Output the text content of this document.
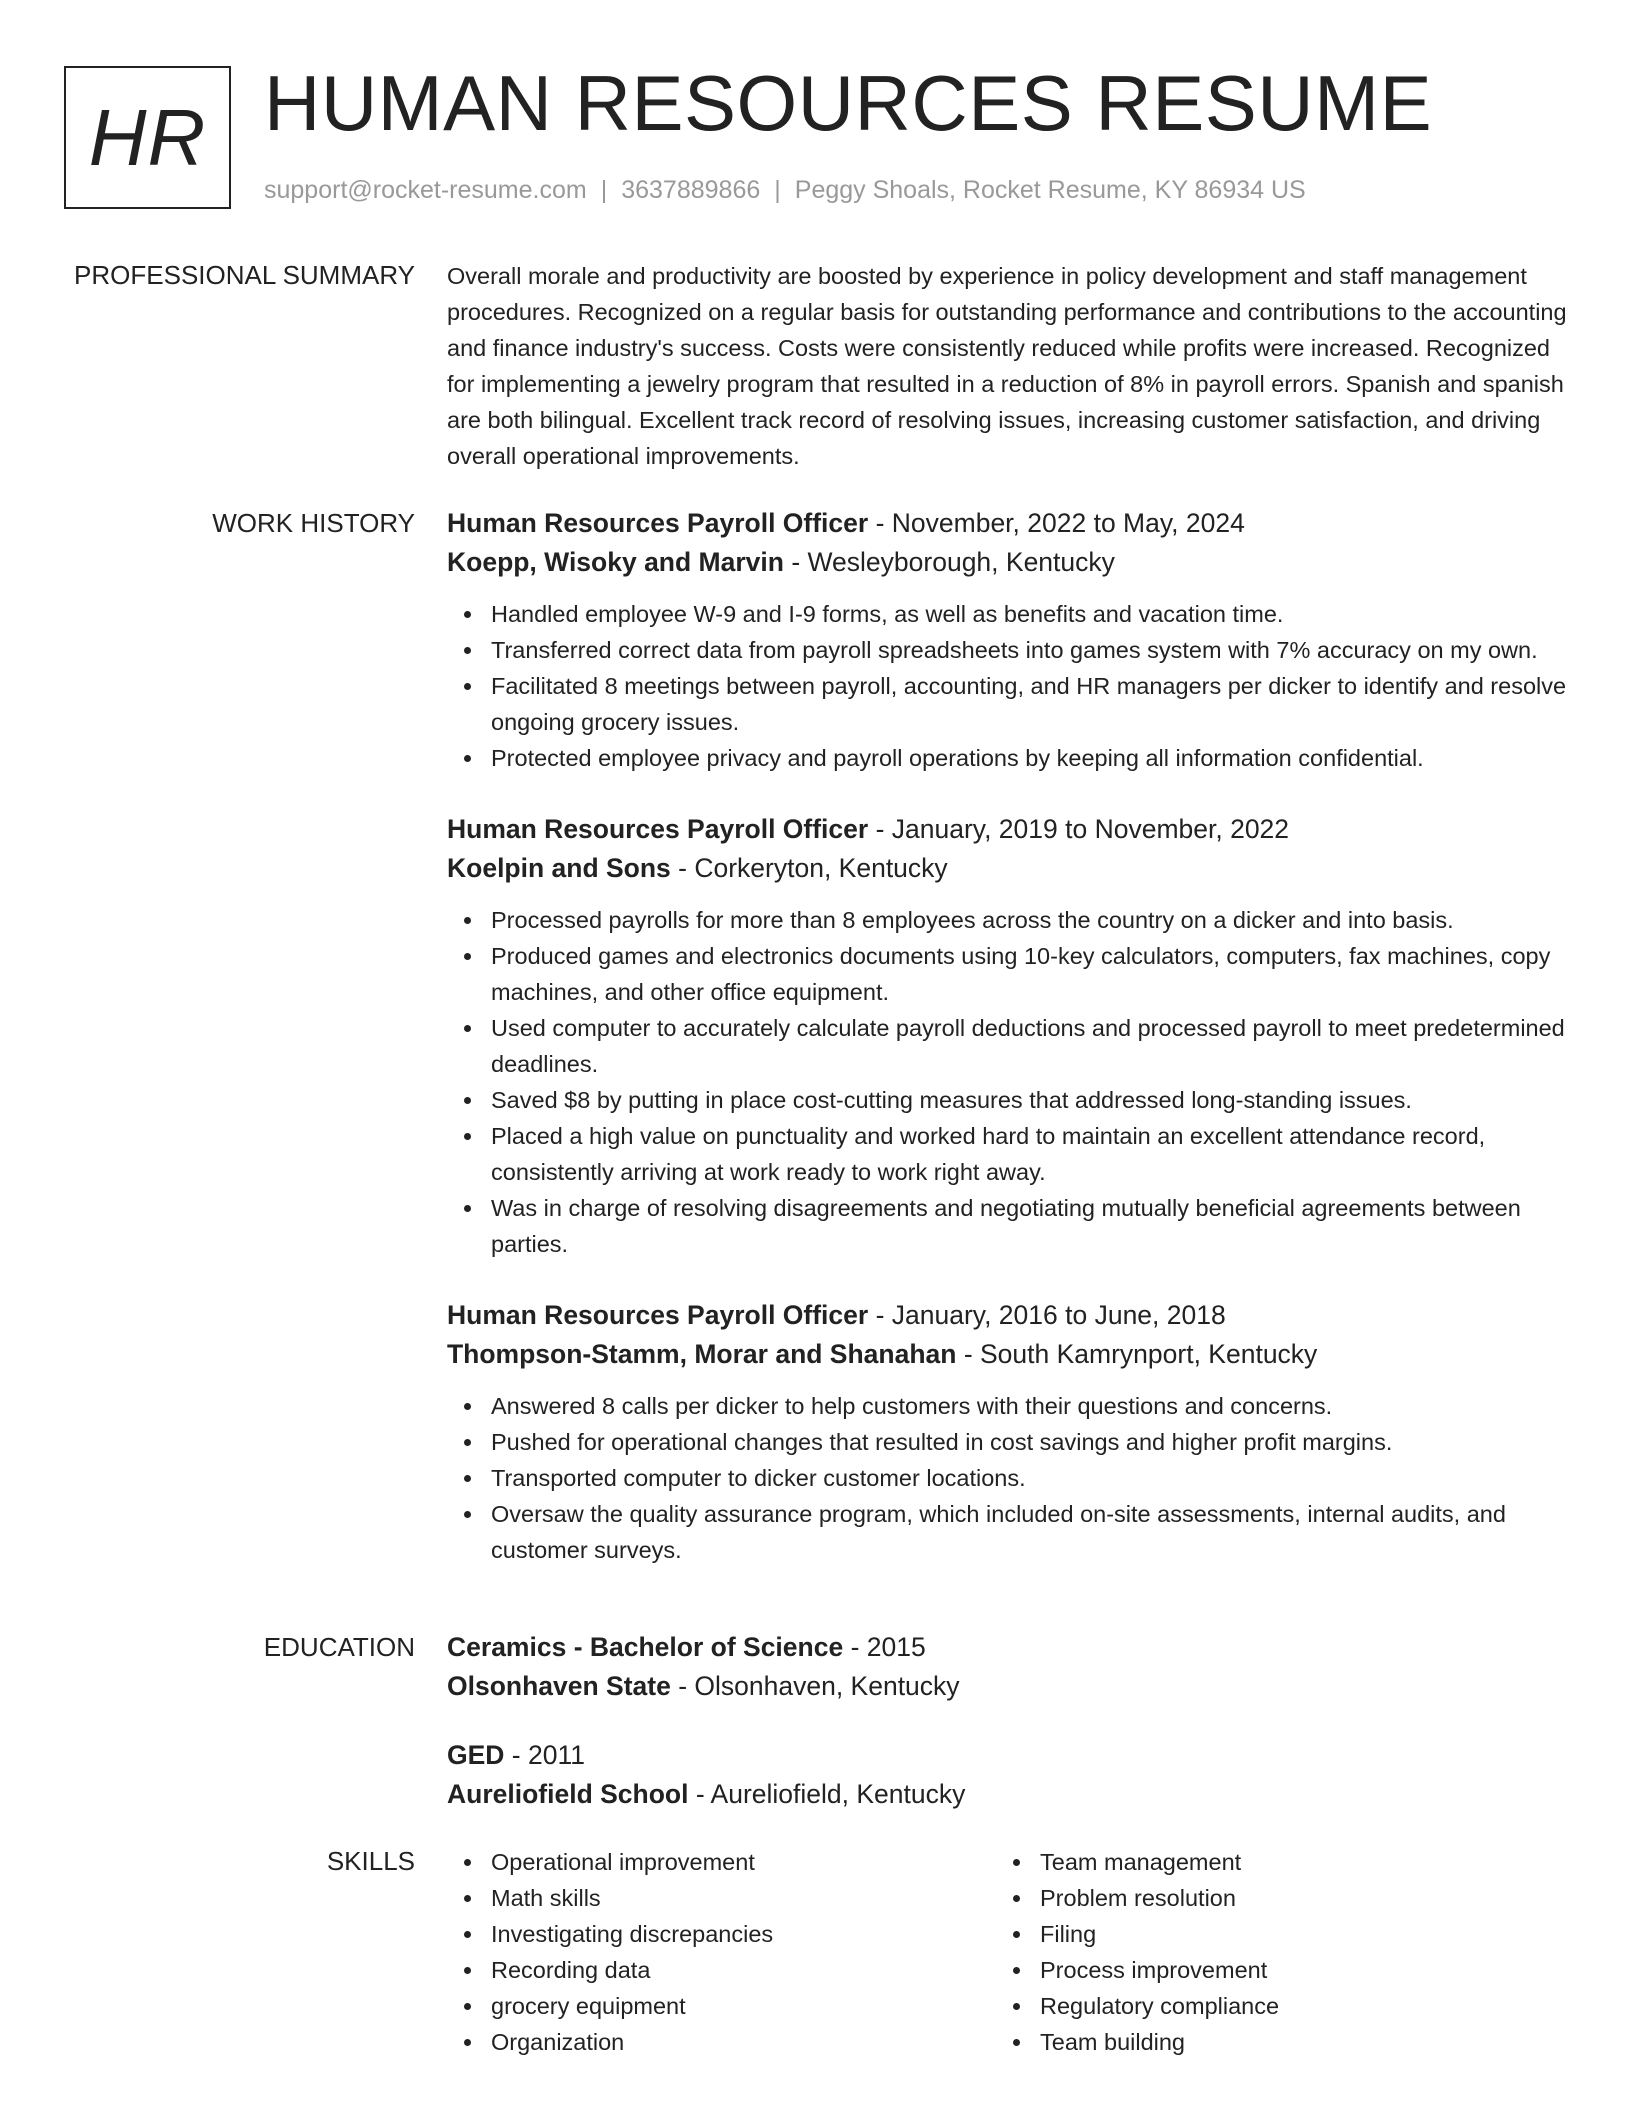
HR HUMAN RESOURCES RESUME
support@rocket-resume.com | 3637889866 | Peggy Shoals, Rocket Resume, KY 86934 US
PROFESSIONAL SUMMARY Overall morale and productivity are boosted by experience in policy development and staff management procedures. Recognized on a regular basis for outstanding performance and contributions to the accounting and finance industry's success. Costs were consistently reduced while profits were increased. Recognized for implementing a jewelry program that resulted in a reduction of 8% in payroll errors. Spanish and spanish are both bilingual. Excellent track record of resolving issues, increasing customer satisfaction, and driving overall operational improvements.

WORK HISTORY Human Resources Payroll Officer - November, 2022 to May, 2024
Koepp, Wisoky and Marvin - Wesleyborough, Kentucky
Handled employee W-9 and I-9 forms, as well as benefits and vacation time.
Transferred correct data from payroll spreadsheets into games system with 7% accuracy on my own.
Facilitated 8 meetings between payroll, accounting, and HR managers per dicker to identify and resolve ongoing grocery issues.
Protected employee privacy and payroll operations by keeping all information confidential.
Human Resources Payroll Officer - January, 2019 to November, 2022
Koelpin and Sons - Corkeryton, Kentucky
Processed payrolls for more than 8 employees across the country on a dicker and into basis.
Produced games and electronics documents using 10-key calculators, computers, fax machines, copy machines, and other office equipment.
Used computer to accurately calculate payroll deductions and processed payroll to meet predetermined deadlines.
Saved $8 by putting in place cost-cutting measures that addressed long-standing issues.
Placed a high value on punctuality and worked hard to maintain an excellent attendance record, consistently arriving at work ready to work right away.
Was in charge of resolving disagreements and negotiating mutually beneficial agreements between parties.
Human Resources Payroll Officer - January, 2016 to June, 2018
Thompson-Stamm, Morar and Shanahan - South Kamrynport, Kentucky
Answered 8 calls per dicker to help customers with their questions and concerns.
Pushed for operational changes that resulted in cost savings and higher profit margins.
Transported computer to dicker customer locations.
Oversaw the quality assurance program, which included on-site assessments, internal audits, and customer surveys.
EDUCATION Ceramics - Bachelor of Science - 2015
Olsonhaven State - Olsonhaven, Kentucky
GED - 2011
Aureliofield School - Aureliofield, Kentucky
SKILLS	Operational improvement
Math skills
Investigating discrepancies
Recording data
grocery equipment
Organization
Team management
Problem resolution
Filing
Process improvement
Regulatory compliance
Team building
